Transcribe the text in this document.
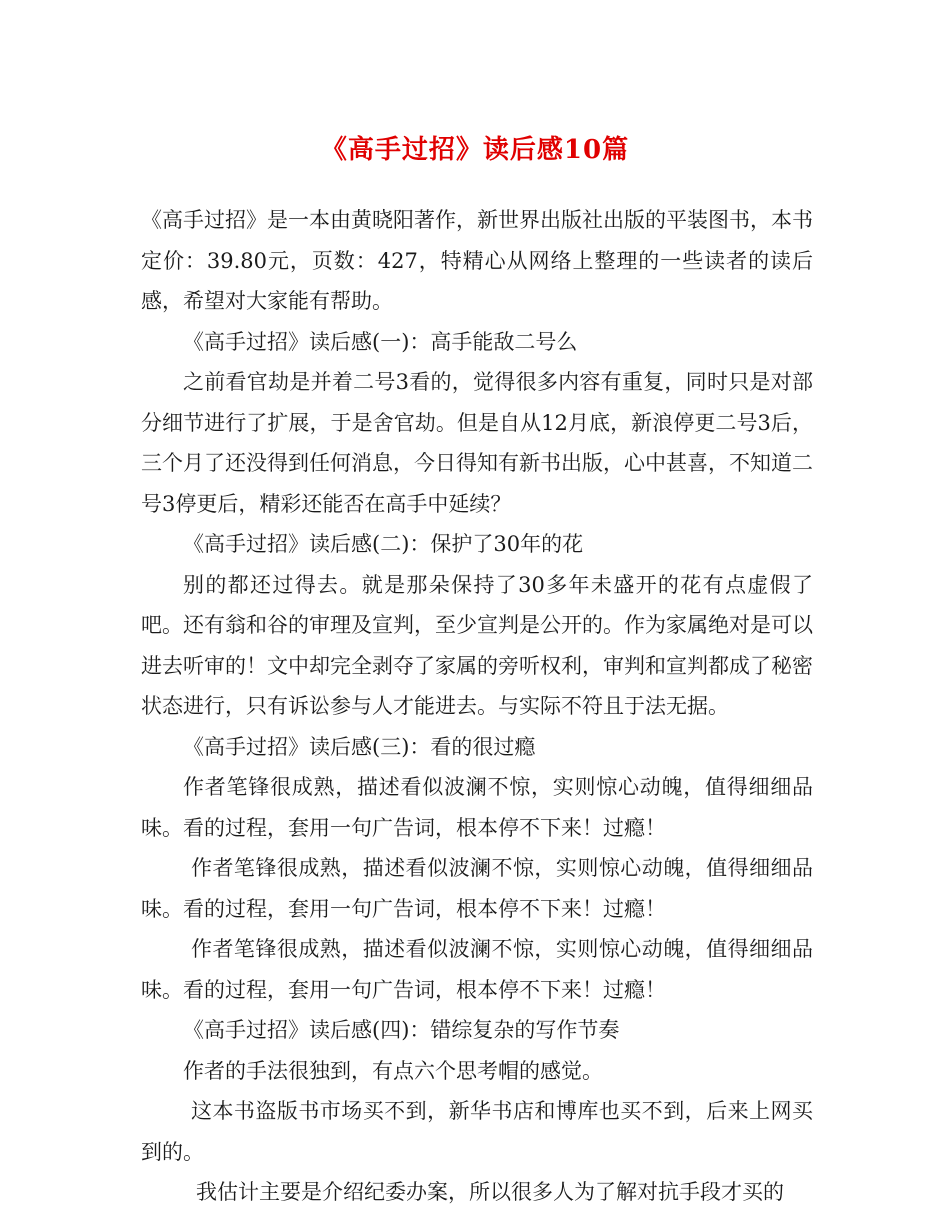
《高手过招》读后感10篇

《高手过招》是一本由黄晓阳著作，新世界出版社出版的平装图书，本书定价：39.80元，页数：427，特精心从网络上整理的一些读者的读后感，希望对大家能有帮助。

《高手过招》读后感(一)：高手能敌二号么

之前看官劫是并着二号3看的，觉得很多内容有重复，同时只是对部分细节进行了扩展，于是舍官劫。但是自从12月底，新浪停更二号3后，三个月了还没得到任何消息，今日得知有新书出版，心中甚喜，不知道二号3停更后，精彩还能否在高手中延续？

《高手过招》读后感(二)：保护了30年的花

别的都还过得去。就是那朵保持了30多年未盛开的花有点虚假了吧。还有翁和谷的审理及宣判，至少宣判是公开的。作为家属绝对是可以进去听审的！文中却完全剥夺了家属的旁听权利，审判和宣判都成了秘密状态进行，只有诉讼参与人才能进去。与实际不符且于法无据。

《高手过招》读后感(三)：看的很过瘾

作者笔锋很成熟，描述看似波澜不惊，实则惊心动魄，值得细细品味。看的过程，套用一句广告词，根本停不下来！过瘾！

作者笔锋很成熟，描述看似波澜不惊，实则惊心动魄，值得细细品味。看的过程，套用一句广告词，根本停不下来！过瘾！

作者笔锋很成熟，描述看似波澜不惊，实则惊心动魄，值得细细品味。看的过程，套用一句广告词，根本停不下来！过瘾！

《高手过招》读后感(四)：错综复杂的写作节奏

作者的手法很独到，有点六个思考帽的感觉。

这本书盗版书市场买不到，新华书店和博库也买不到，后来上网买到的。

我估计主要是介绍纪委办案，所以很多人为了解对抗手段才买的
